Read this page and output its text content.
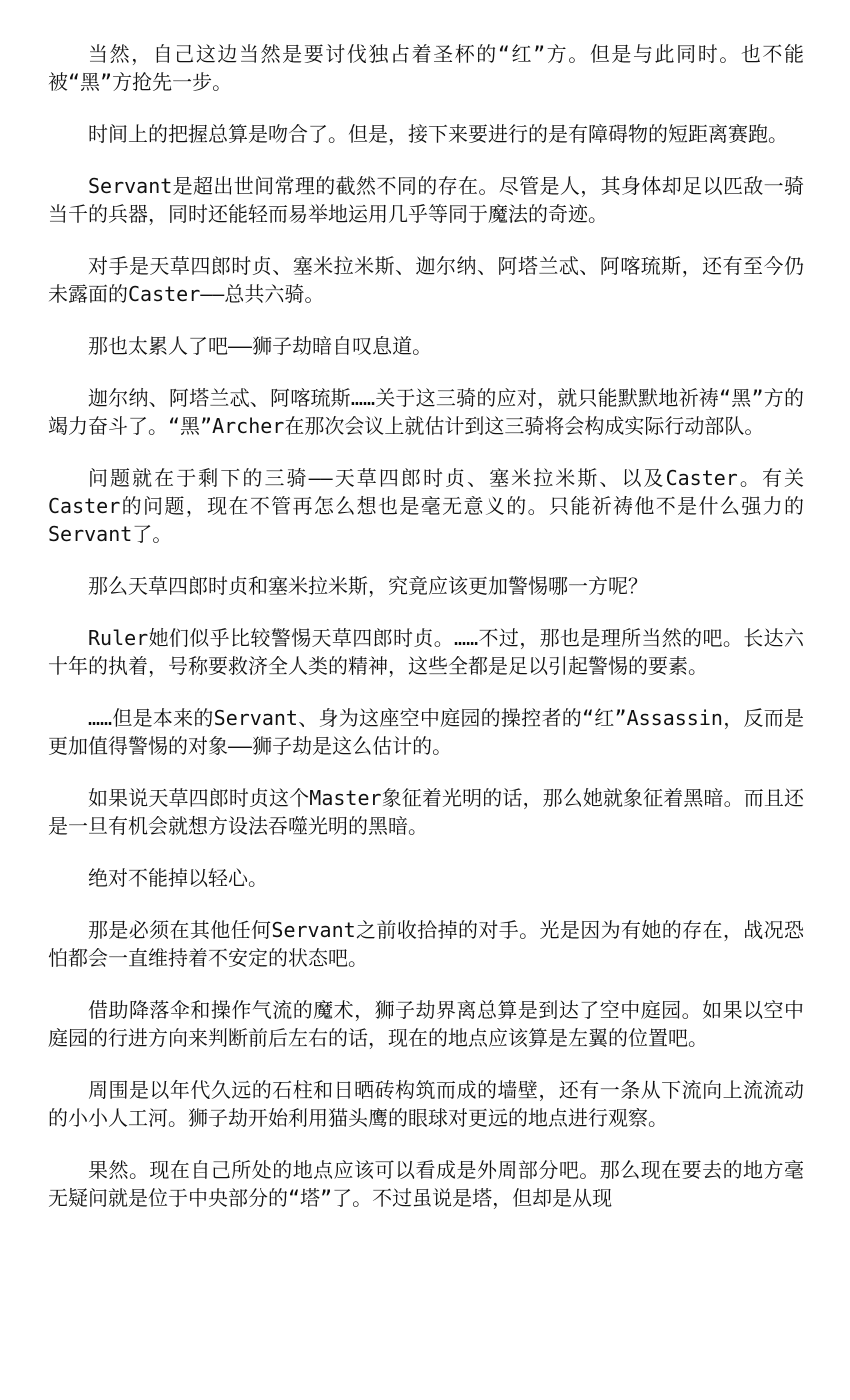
当然，自己这边当然是要讨伐独占着圣杯的“红”方。但是与此同时。也不能被“黑”方抢先一步。

时间上的把握总算是吻合了。但是，接下来要进行的是有障碍物的短距离赛跑。

Servant是超出世间常理的截然不同的存在。尽管是人，其身体却足以匹敌一骑当千的兵器，同时还能轻而易举地运用几乎等同于魔法的奇迹。

对手是天草四郎时贞、塞米拉米斯、迦尔纳、阿塔兰忒、阿喀琉斯，还有至今仍未露面的Caster——总共六骑。

那也太累人了吧——狮子劫暗自叹息道。

迦尔纳、阿塔兰忒、阿喀琉斯……关于这三骑的应对，就只能默默地祈祷“黑”方的竭力奋斗了。“黑”Archer在那次会议上就估计到这三骑将会构成实际行动部队。

问题就在于剩下的三骑——天草四郎时贞、塞米拉米斯、以及Caster。有关Caster的问题，现在不管再怎么想也是毫无意义的。只能祈祷他不是什么强力的Servant了。

那么天草四郎时贞和塞米拉米斯，究竟应该更加警惕哪一方呢？

Ruler她们似乎比较警惕天草四郎时贞。……不过，那也是理所当然的吧。长达六十年的执着，号称要救济全人类的精神，这些全都是足以引起警惕的要素。

……但是本来的Servant、身为这座空中庭园的操控者的“红”Assassin，反而是更加值得警惕的对象——狮子劫是这么估计的。

如果说天草四郎时贞这个Master象征着光明的话，那么她就象征着黑暗。而且还是一旦有机会就想方设法吞噬光明的黑暗。

绝对不能掉以轻心。

那是必须在其他任何Servant之前收拾掉的对手。光是因为有她的存在，战况恐怕都会一直维持着不安定的状态吧。

借助降落伞和操作气流的魔术，狮子劫界离总算是到达了空中庭园。如果以空中庭园的行进方向来判断前后左右的话，现在的地点应该算是左翼的位置吧。

周围是以年代久远的石柱和日晒砖构筑而成的墙壁，还有一条从下流向上流流动的小小人工河。狮子劫开始利用猫头鹰的眼球对更远的地点进行观察。

果然。现在自己所处的地点应该可以看成是外周部分吧。那么现在要去的地方毫无疑问就是位于中央部分的“塔”了。不过虽说是塔，但却是从现
